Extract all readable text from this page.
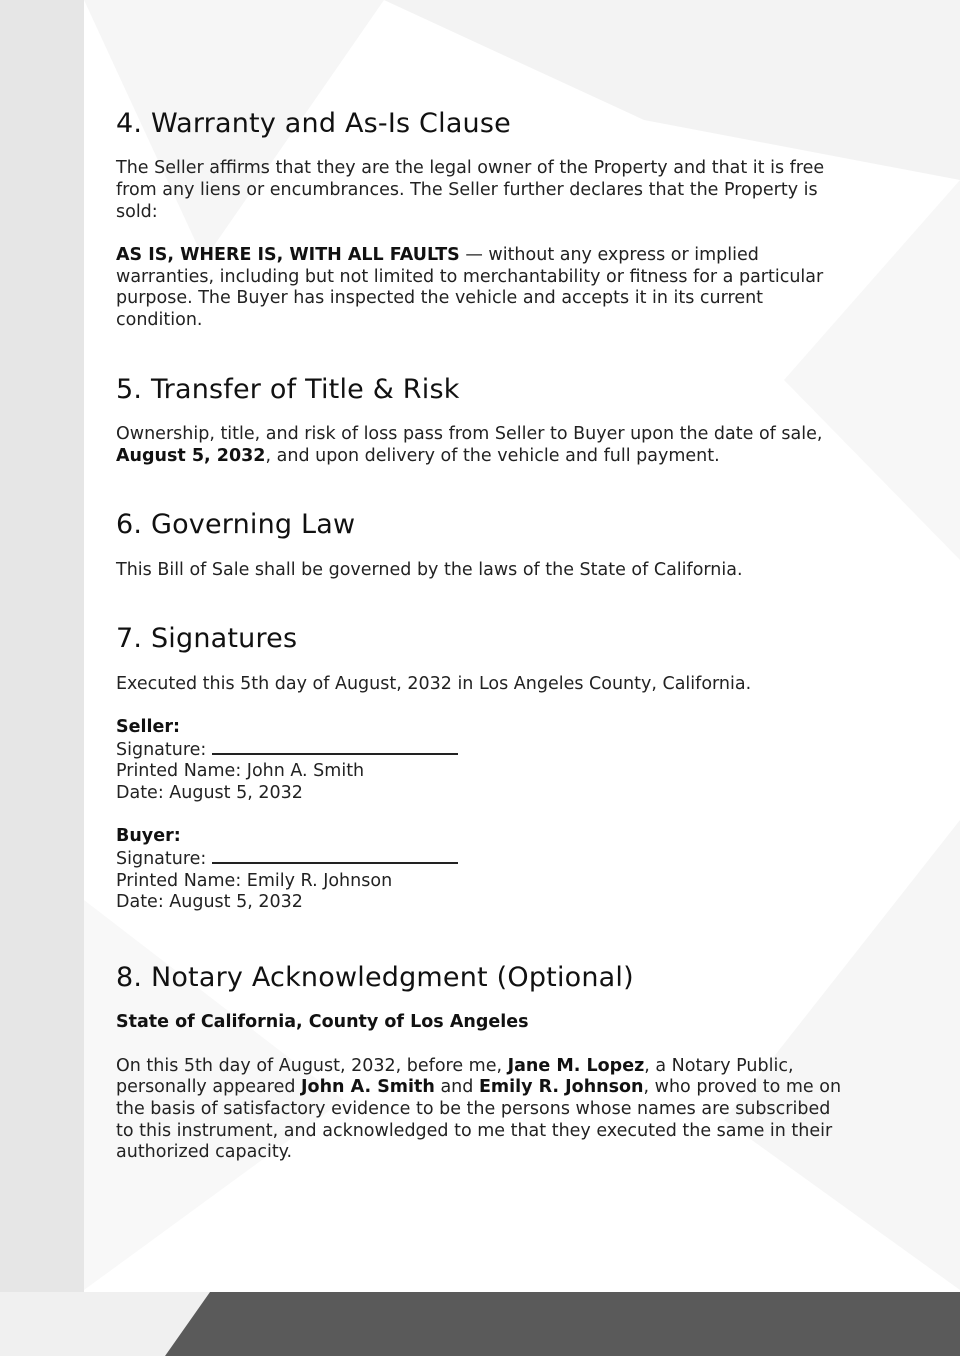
4. Warranty and As-Is Clause

The Seller affirms that they are the legal owner of the Property and that it is free from any liens or encumbrances. The Seller further declares that the Property is sold:

AS IS, WHERE IS, WITH ALL FAULTS — without any express or implied warranties, including but not limited to merchantability or fitness for a particular purpose. The Buyer has inspected the vehicle and accepts it in its current condition.

5. Transfer of Title & Risk

Ownership, title, and risk of loss pass from Seller to Buyer upon the date of sale, August 5, 2032, and upon delivery of the vehicle and full payment.

6. Governing Law

This Bill of Sale shall be governed by the laws of the State of California.

7. Signatures

Executed this 5th day of August, 2032 in Los Angeles County, California.

Seller:
Signature:
Printed Name: John A. Smith
Date: August 5, 2032
Buyer:
Signature:
Printed Name: Emily R. Johnson
Date: August 5, 2032
8. Notary Acknowledgment (Optional)

State of California, County of Los Angeles

On this 5th day of August, 2032, before me, Jane M. Lopez, a Notary Public, personally appeared John A. Smith and Emily R. Johnson, who proved to me on the basis of satisfactory evidence to be the persons whose names are subscribed to this instrument, and acknowledged to me that they executed the same in their authorized capacity.
